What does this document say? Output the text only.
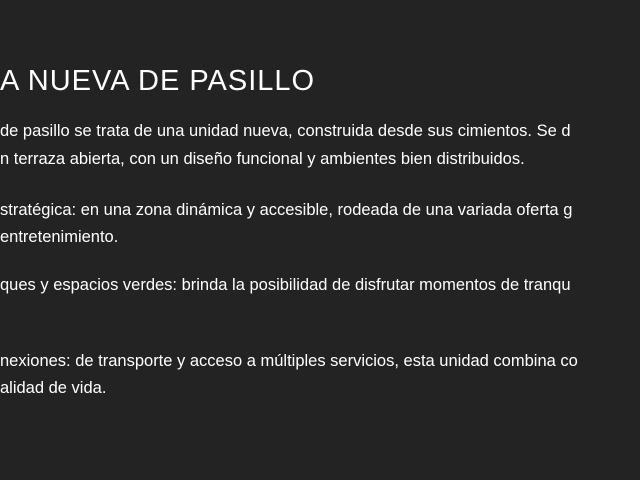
A NUEVA DE PASILLO
de pasillo se trata de una unidad nueva, construida desde sus cimientos. Se d
n terraza abierta, con un diseño funcional y ambientes bien distribuidos.
stratégica: en una zona dinámica y accesible, rodeada de una variada oferta g
entretenimiento.
ques y espacios verdes: brinda la posibilidad de disfrutar momentos de tranqu
nexiones: de transporte y acceso a múltiples servicios, esta unidad combina co
alidad de vida.
